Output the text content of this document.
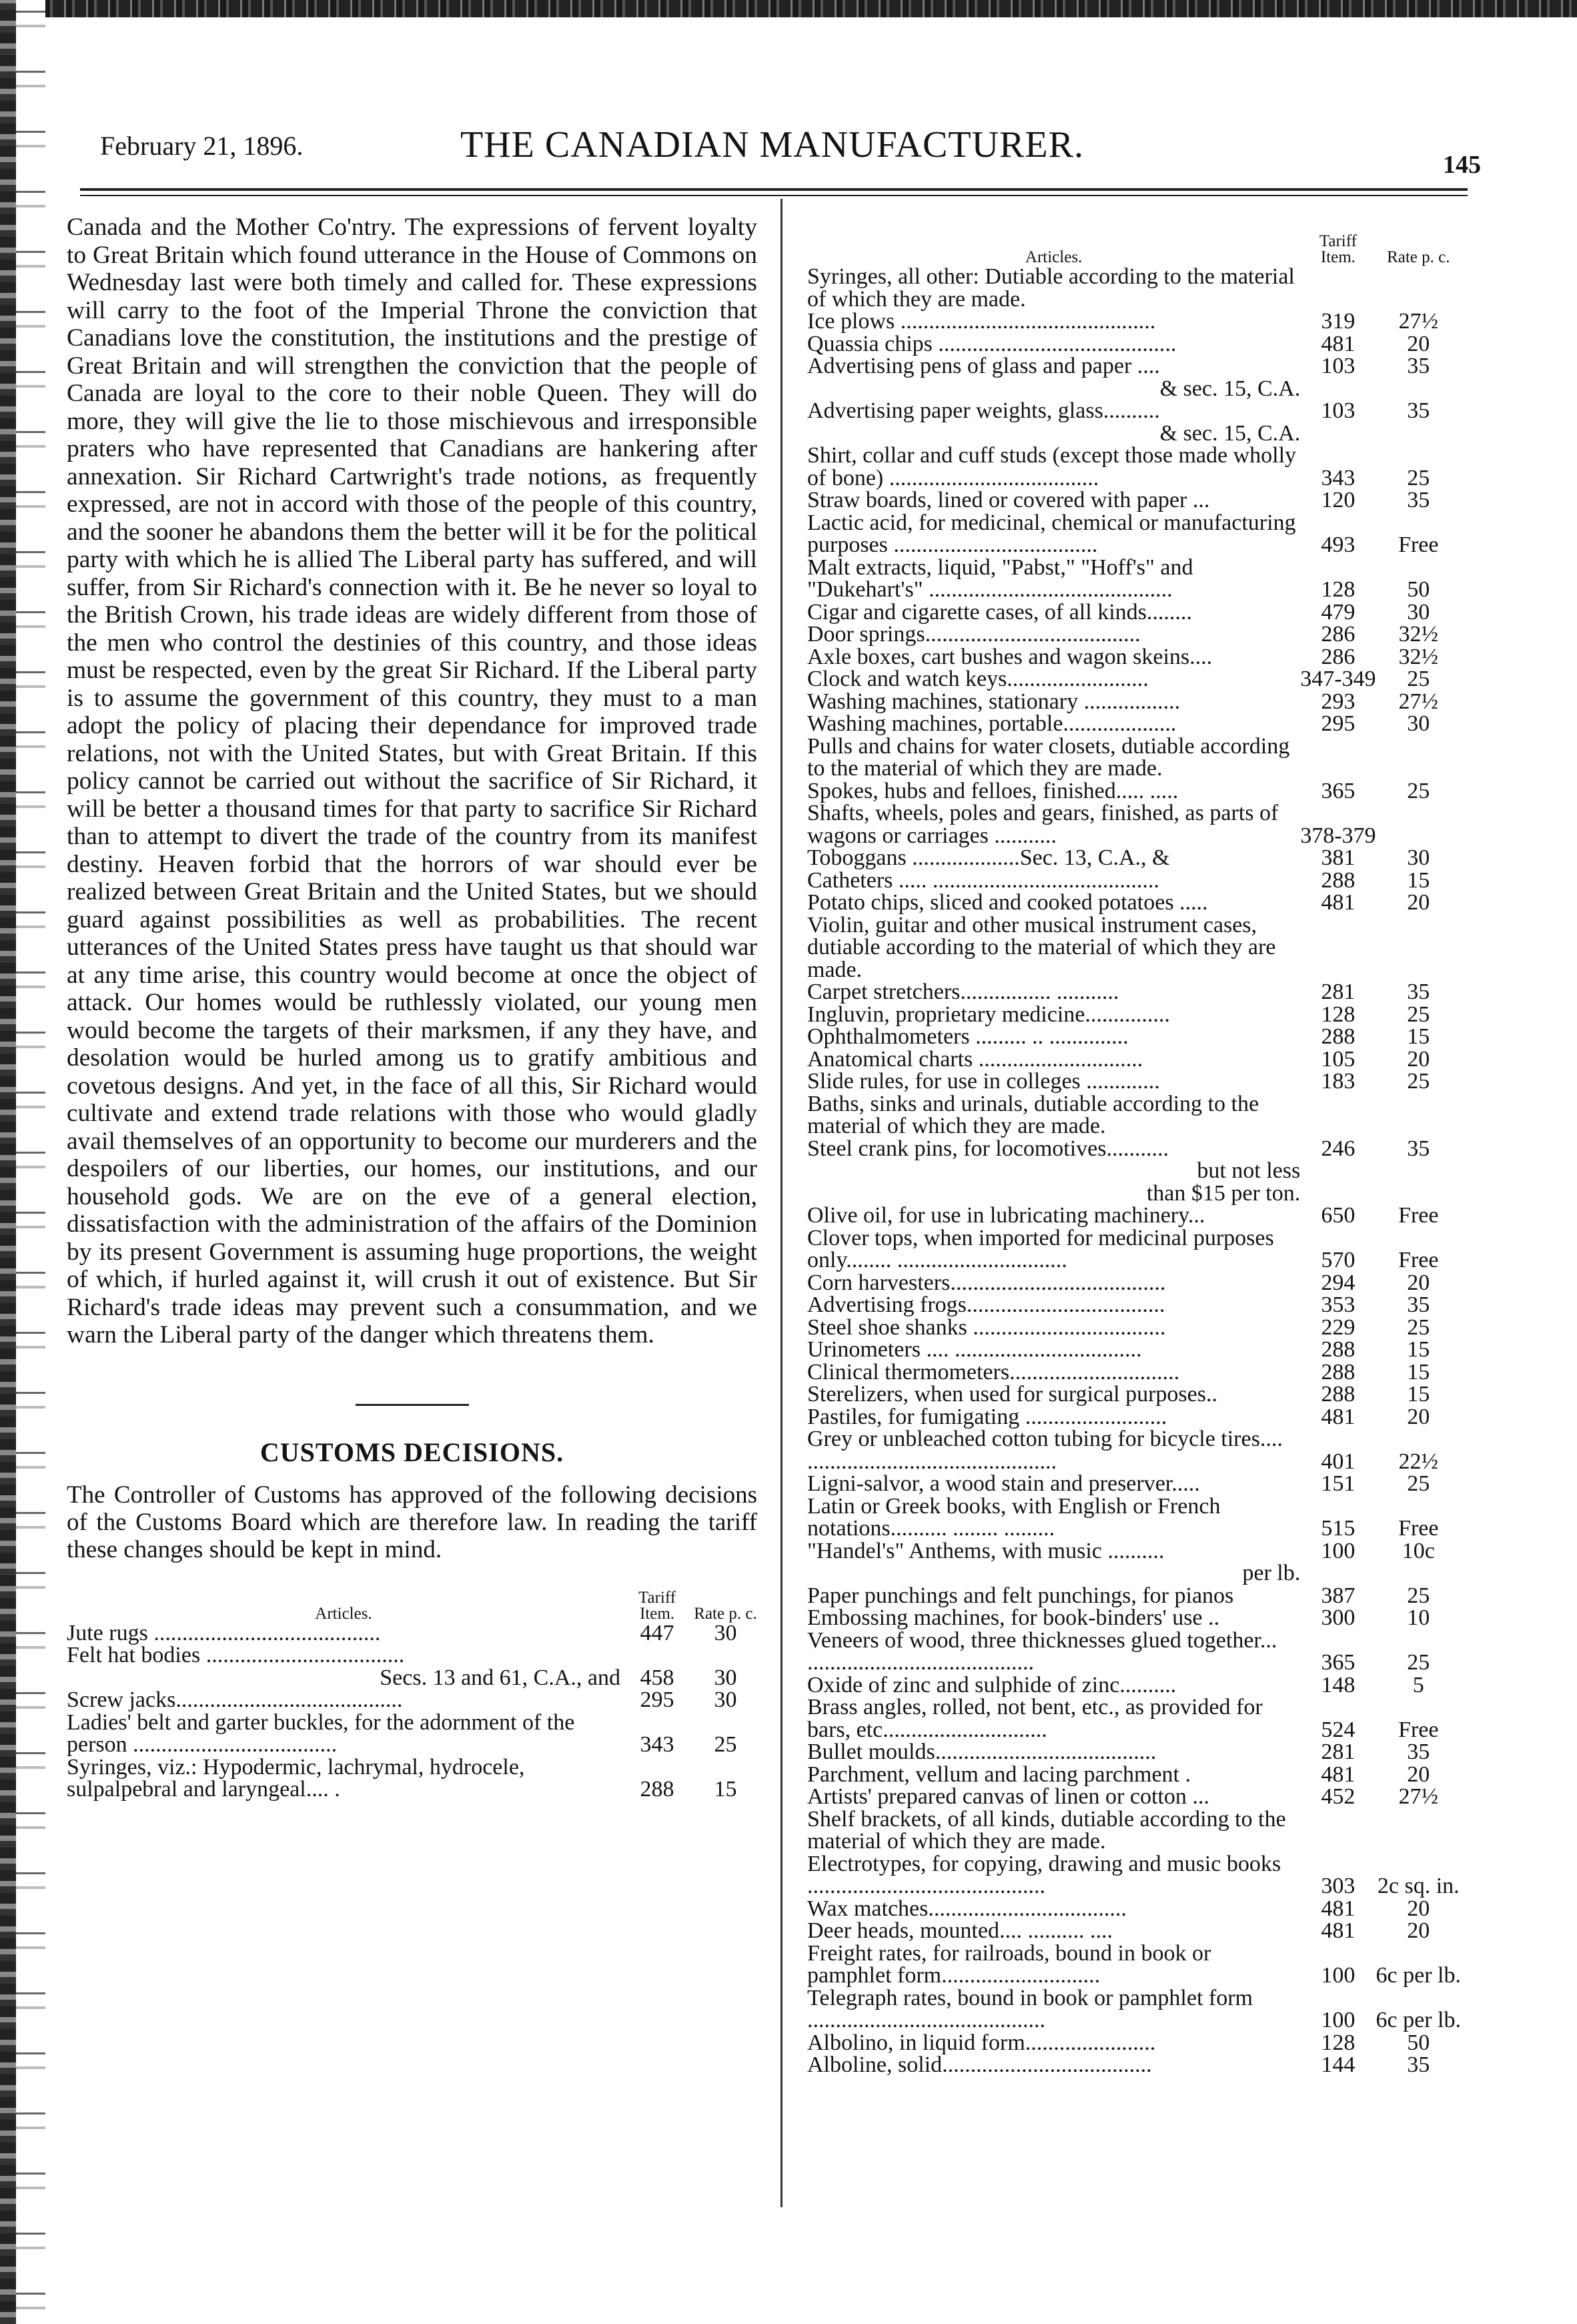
February 21, 1896.	THE CANADIAN MANUFACTURER.	145

Canada and the Mother Co'ntry. The expressions of fervent loyalty to Great Britain which found utterance in the House of Commons on Wednesday last were both timely and called for. These expressions will carry to the foot of the Imperial Throne the conviction that Canadians love the constitution, the institutions and the prestige of Great Britain and will strengthen the conviction that the people of Canada are loyal to the core to their noble Queen. They will do more, they will give the lie to those mischievous and irresponsible praters who have represented that Canadians are hankering after annexation. Sir Richard Cartwright's trade notions, as frequently expressed, are not in accord with those of the people of this country, and the sooner he abandons them the better will it be for the political party with which he is allied The Liberal party has suffered, and will suffer, from Sir Richard's connection with it. Be he never so loyal to the British Crown, his trade ideas are widely different from those of the men who control the destinies of this country, and those ideas must be respected, even by the great Sir Richard. If the Liberal party is to assume the government of this country, they must to a man adopt the policy of placing their dependance for improved trade relations, not with the United States, but with Great Britain. If this policy cannot be carried out without the sacrifice of Sir Richard, it will be better a thousand times for that party to sacrifice Sir Richard than to attempt to divert the trade of the country from its manifest destiny. Heaven forbid that the horrors of war should ever be realized between Great Britain and the United States, but we should guard against possibilities as well as probabilities. The recent utterances of the United States press have taught us that should war at any time arise, this country would become at once the object of attack. Our homes would be ruthlessly violated, our young men would become the targets of their marksmen, if any they have, and desolation would be hurled among us to gratify ambitious and covetous designs. And yet, in the face of all this, Sir Richard would cultivate and extend trade relations with those who would gladly avail themselves of an opportunity to become our murderers and the despoilers of our liberties, our homes, our institutions, and our household gods. We are on the eve of a general election, dissatisfaction with the administration of the affairs of the Dominion by its present Government is assuming huge proportions, the weight of which, if hurled against it, will crush it out of existence. But Sir Richard's trade ideas may prevent such a consummation, and we warn the Liberal party of the danger which threatens them.

CUSTOMS DECISIONS.

The Controller of Customs has approved of the following decisions of the Customs Board which are therefore law. In reading the tariff these changes should be kept in mind.

Articles.	Tariff Item.	Rate p. c.
Jute rugs ........................................	447	30
Felt hat bodies ...................................		
Secs. 13 and 61, C.A., and	458	30
Screw jacks........................................	295	30
Ladies' belt and garter buckles, for the adornment of the person ....................................	343	25
Syringes, viz.: Hypodermic, lachrymal, hydrocele, sulpalpebral and laryngeal.... .	288	15
Articles.	Tariff Item.	Rate p. c.
Syringes, all other: Dutiable according to the material of which they are made.		
Ice plows .............................................	319	27½
Quassia chips ..........................................	481	20
Advertising pens of glass and paper ....	103	35
& sec. 15, C.A.		
Advertising paper weights, glass..........	103	35
& sec. 15, C.A.		
Shirt, collar and cuff studs (except those made wholly of bone) .....................................	343	25
Straw boards, lined or covered with paper ...	120	35
Lactic acid, for medicinal, chemical or manufacturing purposes ....................................	493	Free
Malt extracts, liquid, "Pabst," "Hoff's" and "Dukehart's" ...........................................	128	50
Cigar and cigarette cases, of all kinds........	479	30
Door springs......................................	286	32½
Axle boxes, cart bushes and wagon skeins....	286	32½
Clock and watch keys.........................	347-349	25
Washing machines, stationary .................	293	27½
Washing machines, portable....................	295	30
Pulls and chains for water closets, dutiable according to the material of which they are made.		
Spokes, hubs and felloes, finished..... .....	365	25
Shafts, wheels, poles and gears, finished, as parts of wagons or carriages ...........	378-379	
Toboggans ...................Sec. 13, C.A., &	381	30
Catheters ..... ........................................	288	15
Potato chips, sliced and cooked potatoes .....	481	20
Violin, guitar and other musical instrument cases, dutiable according to the material of which they are made.		
Carpet stretchers................ ...........	281	35
Ingluvin, proprietary medicine...............	128	25
Ophthalmometers ......... .. ..............	288	15
Anatomical charts .............................	105	20
Slide rules, for use in colleges .............	183	25
Baths, sinks and urinals, dutiable according to the material of which they are made.		
Steel crank pins, for locomotives...........	246	35
but not less		
than $15 per ton.		
Olive oil, for use in lubricating machinery...	650	Free
Clover tops, when imported for medicinal purposes only........ ..............................	570	Free
Corn harvesters......................................	294	20
Advertising frogs...................................	353	35
Steel shoe shanks ..................................	229	25
Urinometers .... .................................	288	15
Clinical thermometers..............................	288	15
Sterelizers, when used for surgical purposes..	288	15
Pastiles, for fumigating .........................	481	20
Grey or unbleached cotton tubing for bicycle tires.... ............................................	401	22½
Ligni-salvor, a wood stain and preserver.....	151	25
Latin or Greek books, with English or French notations.......... ........ .........	515	Free
"Handel's" Anthems, with music ..........	100	10c
per lb.		
Paper punchings and felt punchings, for pianos	387	25
Embossing machines, for book-binders' use ..	300	10
Veneers of wood, three thicknesses glued together... ........................................	365	25
Oxide of zinc and sulphide of zinc..........	148	5
Brass angles, rolled, not bent, etc., as provided for bars, etc.............................	524	Free
Bullet moulds.......................................	281	35
Parchment, vellum and lacing parchment .	481	20
Artists' prepared canvas of linen or cotton ...	452	27½
Shelf brackets, of all kinds, dutiable according to the material of which they are made.		
Electrotypes, for copying, drawing and music books ..........................................	303	2c sq. in.
Wax matches...................................	481	20
Deer heads, mounted.... .......... ....	481	20
Freight rates, for railroads, bound in book or pamphlet form............................	100	6c per lb.
Telegraph rates, bound in book or pamphlet form ..........................................	100	6c per lb.
Albolino, in liquid form.......................	128	50
Alboline, solid.....................................	144	35
